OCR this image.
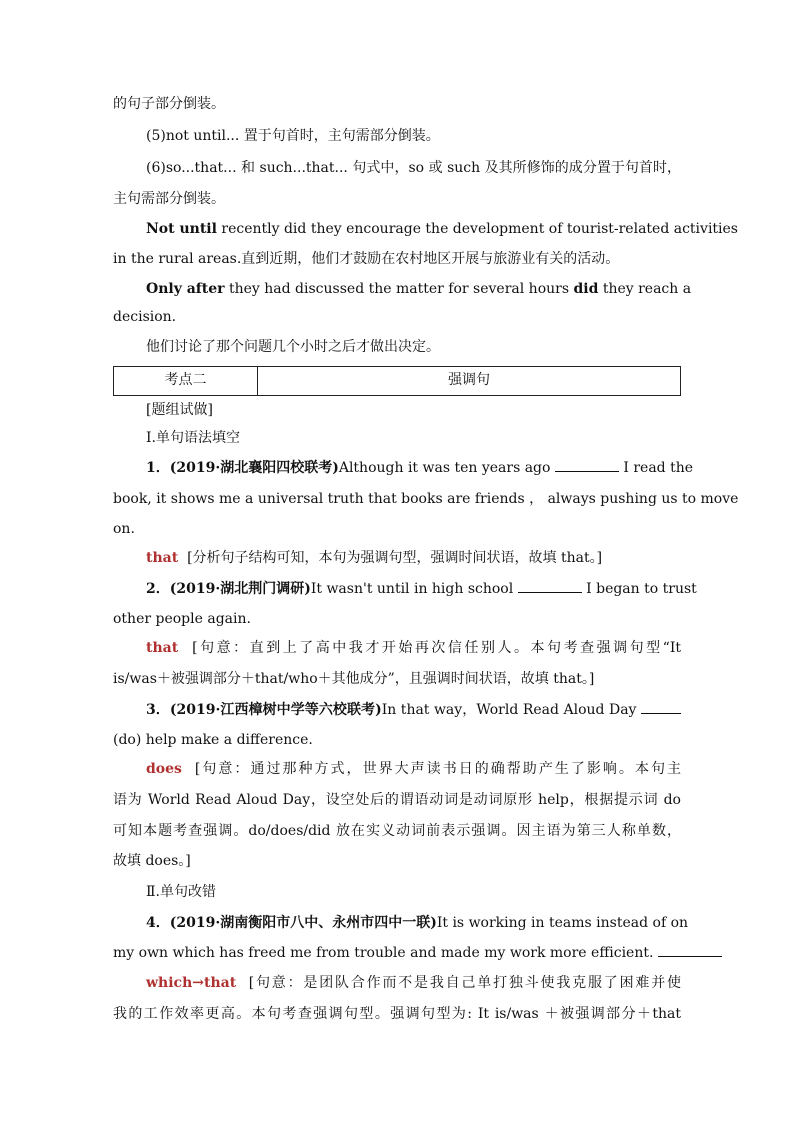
的句子部分倒装。
(5)not until... 置于句首时，主句需部分倒装。
(6)so...that... 和 such...that... 句式中，so 或 such 及其所修饰的成分置于句首时，
主句需部分倒装。
Not until recently did they encourage the development of tourist-related activities
in the rural areas.直到近期，他们才鼓励在农村地区开展与旅游业有关的活动。
Only after they had discussed the matter for several hours did they reach a
decision.
他们讨论了那个问题几个小时之后才做出决定。
考点二	强调句
[题组试做]
Ⅰ.单句语法填空
1．(2019·湖北襄阳四校联考)Although it was ten years ago	I read the
book, it shows me a universal truth that books are friends ， always pushing us to move
on.
that [分析句子结构可知，本句为强调句型，强调时间状语，故填 that。]
2．(2019·湖北荆门调研)It wasn't until in high school	I began to trust
other people again.
that [句意：直到上了高中我才开始再次信任别人。本句考查强调句型“It
is/was＋被强调部分＋that/who＋其他成分”，且强调时间状语，故填 that。]
3．(2019·江西樟树中学等六校联考)In that way，World Read Aloud Day
(do) help make a difference.
does [句意：通过那种方式，世界大声读书日的确帮助产生了影响。本句主
语为 World Read Aloud Day，设空处后的谓语动词是动词原形 help，根据提示词 do
可知本题考查强调。do/does/did 放在实义动词前表示强调。因主语为第三人称单数，
故填 does。]
Ⅱ.单句改错
4．(2019·湖南衡阳市八中、永州市四中一联)It is working in teams instead of on
my own which has freed me from trouble and made my work more efficient.
which→that [句意：是团队合作而不是我自己单打独斗使我克服了困难并使
我的工作效率更高。本句考查强调句型。强调句型为: It is/was ＋被强调部分＋that
